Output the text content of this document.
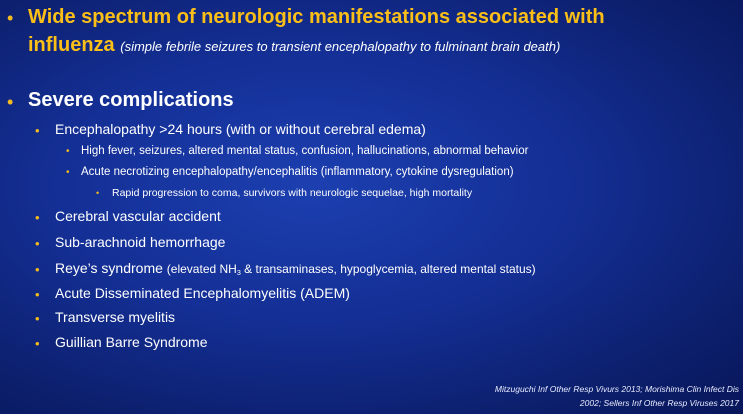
• Wide spectrum of neurologic manifestations associated with
influenza (simple febrile seizures to transient encephalopathy to fulminant brain death)
• Severe complications
• Encephalopathy >24 hours (with or without cerebral edema)
• High fever, seizures, altered mental status, confusion, hallucinations, abnormal behavior
• Acute necrotizing encephalopathy/encephalitis (inflammatory, cytokine dysregulation)
• Rapid progression to coma, survivors with neurologic sequelae, high mortality
• Cerebral vascular accident
• Sub-arachnoid hemorrhage
• Reye’s syndrome (elevated $NH_3$ & transaminases, hypoglycemia, altered mental status)
• Acute Disseminated Encephalomyelitis (ADEM)
• Transverse myelitis
• Guillian Barre Syndrome
Mitzuguchi Inf Other Resp Vivurs 2013; Morishima Clin Infect Dis
2002; Sellers Inf Other Resp Viruses 2017
